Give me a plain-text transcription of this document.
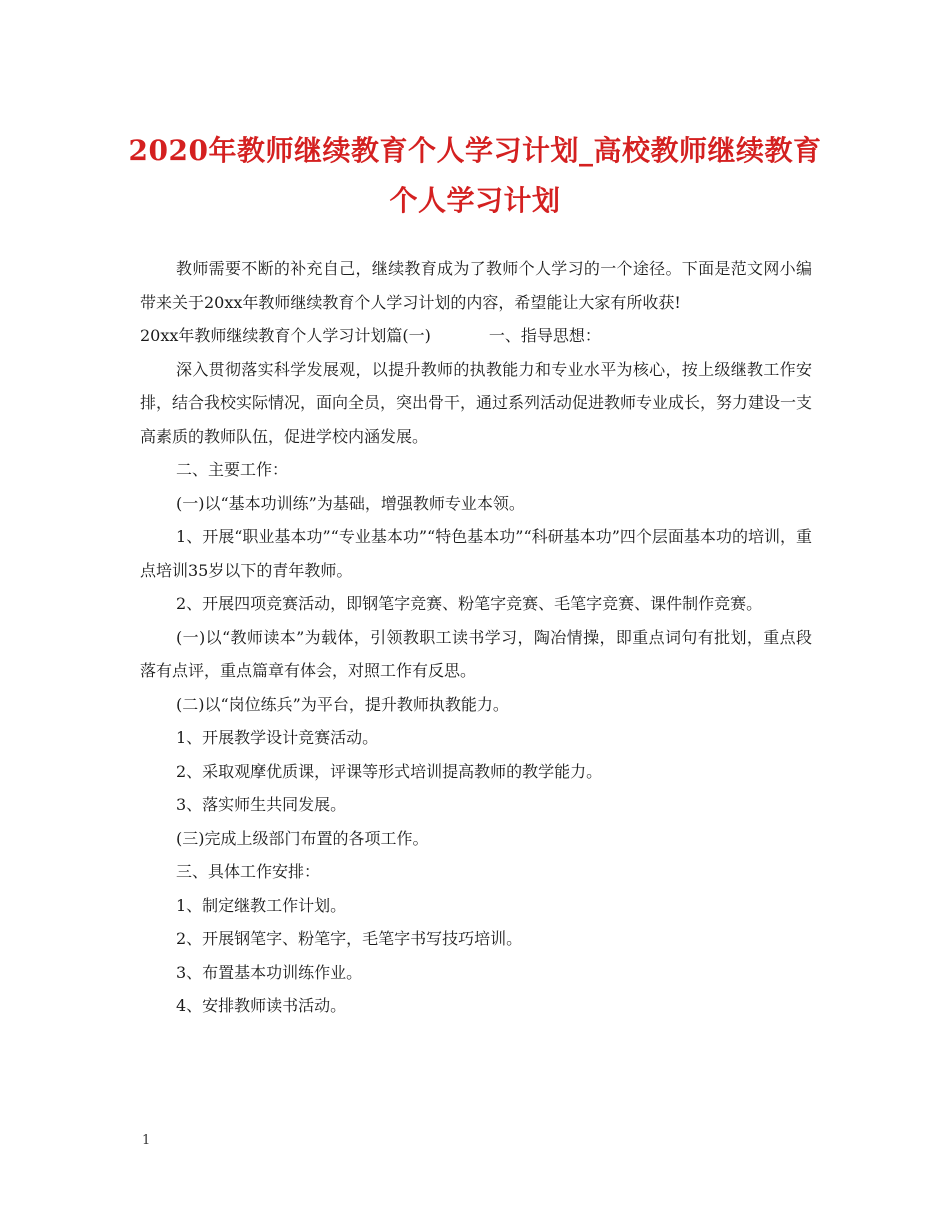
2020年教师继续教育个人学习计划_高校教师继续教育个人学习计划

教师需要不断的补充自己，继续教育成为了教师个人学习的一个途径。下面是范文网小编带来关于20xx年教师继续教育个人学习计划的内容，希望能让大家有所收获!

20xx年教师继续教育个人学习计划篇(一)	一、指导思想：

深入贯彻落实科学发展观，以提升教师的执教能力和专业水平为核心，按上级继教工作安排，结合我校实际情况，面向全员，突出骨干，通过系列活动促进教师专业成长，努力建设一支高素质的教师队伍，促进学校内涵发展。

二、主要工作：

(一)以“基本功训练”为基础，增强教师专业本领。

1、开展“职业基本功”“专业基本功”“特色基本功”“科研基本功”四个层面基本功的培训，重点培训35岁以下的青年教师。

2、开展四项竞赛活动，即钢笔字竞赛、粉笔字竞赛、毛笔字竞赛、课件制作竞赛。

(一)以“教师读本”为载体，引领教职工读书学习，陶冶情操，即重点词句有批划，重点段落有点评，重点篇章有体会，对照工作有反思。

(二)以“岗位练兵”为平台，提升教师执教能力。

1、开展教学设计竞赛活动。

2、采取观摩优质课，评课等形式培训提高教师的教学能力。

3、落实师生共同发展。

(三)完成上级部门布置的各项工作。

三、具体工作安排：

1、制定继教工作计划。

2、开展钢笔字、粉笔字，毛笔字书写技巧培训。

3、布置基本功训练作业。

4、安排教师读书活动。

1
